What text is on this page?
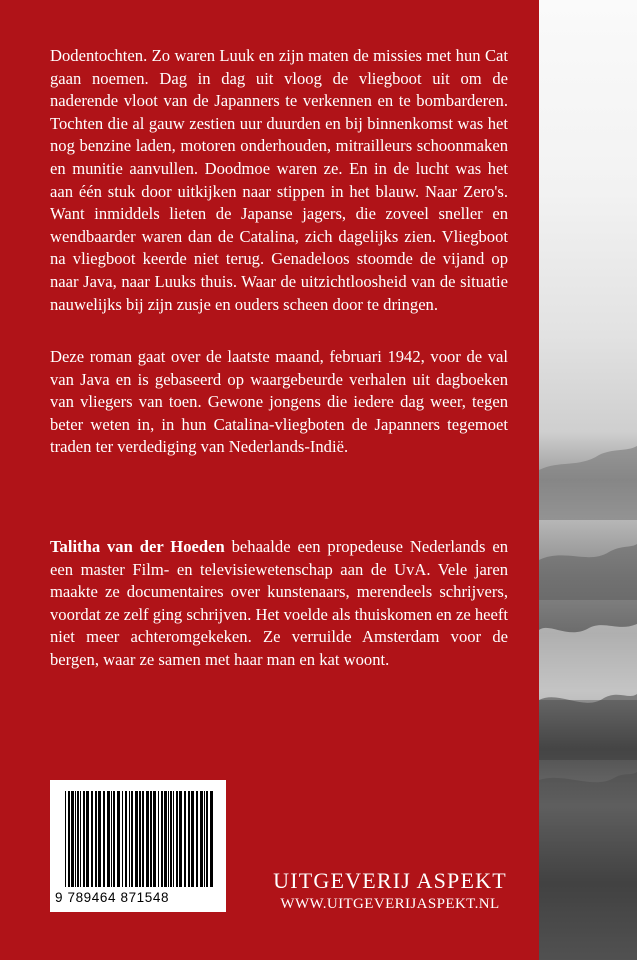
Dodentochten. Zo waren Luuk en zijn maten de missies met hun Cat gaan noemen. Dag in dag uit vloog de vliegboot uit om de naderende vloot van de Japanners te verkennen en te bombarderen. Tochten die al gauw zestien uur duurden en bij binnenkomst was het nog benzine laden, motoren onderhouden, mitrailleurs schoonmaken en munitie aanvullen. Doodmoe waren ze. En in de lucht was het aan één stuk door uitkijken naar stippen in het blauw. Naar Zero's. Want inmiddels lieten de Japanse jagers, die zoveel sneller en wendbaarder waren dan de Catalina, zich dagelijks zien. Vliegboot na vliegboot keerde niet terug. Genadeloos stoomde de vijand op naar Java, naar Luuks thuis. Waar de uitzichtloosheid van de situatie nauwelijks bij zijn zusje en ouders scheen door te dringen.

Deze roman gaat over de laatste maand, februari 1942, voor de val van Java en is gebaseerd op waargebeurde verhalen uit dagboeken van vliegers van toen. Gewone jongens die iedere dag weer, tegen beter weten in, in hun Catalina-vliegboten de Japanners tegemoet traden ter verdediging van Nederlands-Indië.

Talitha van der Hoeden behaalde een propedeuse Nederlands en een master Film- en televisiewetenschap aan de UvA. Vele jaren maakte ze documentaires over kunstenaars, merendeels schrijvers, voordat ze zelf ging schrijven. Het voelde als thuiskomen en ze heeft niet meer achteromgekeken. Ze verruilde Amsterdam voor de bergen, waar ze samen met haar man en kat woont.

9 789464 871548
UITGEVERIJ ASPEKT
WWW.UITGEVERIJASPEKT.NL
